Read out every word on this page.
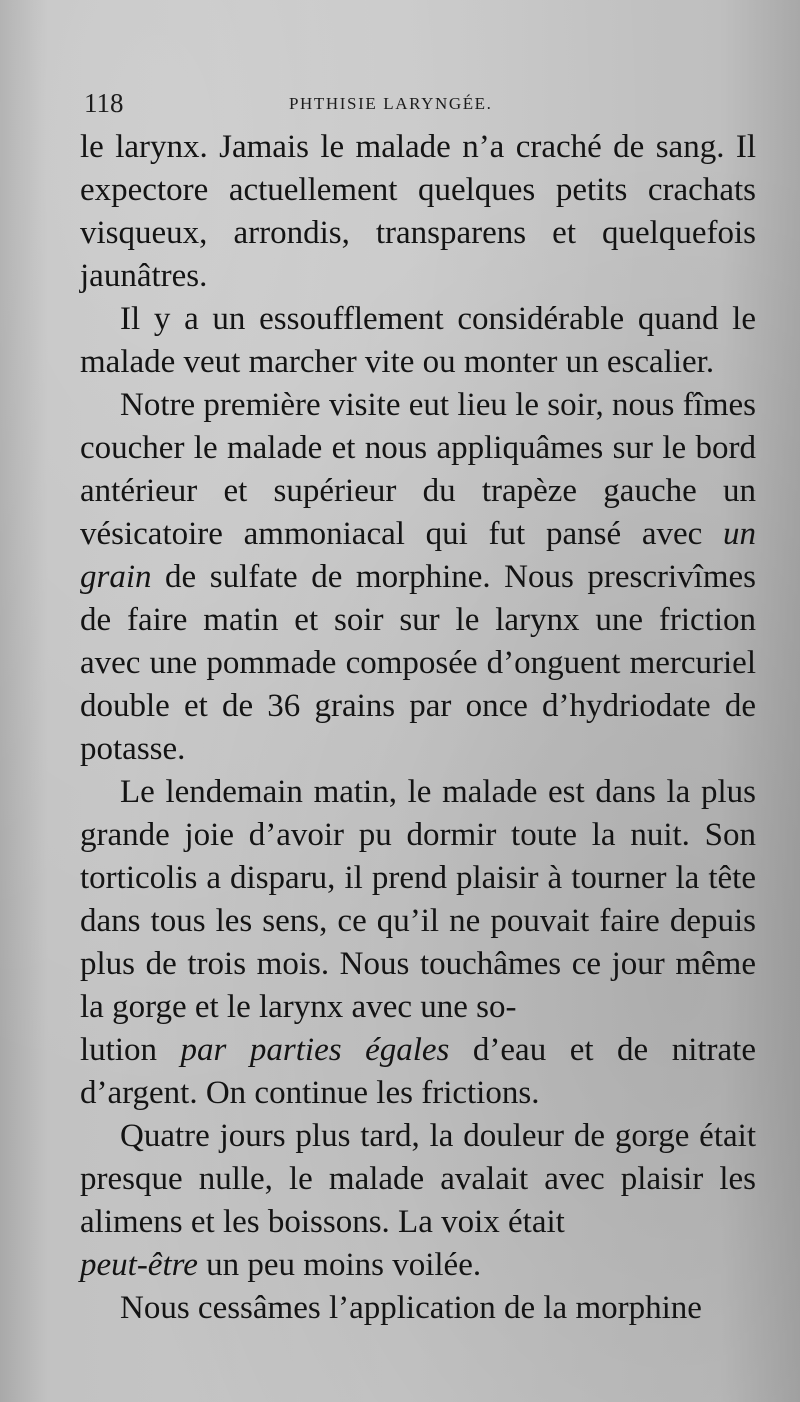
118	PHTHISIE LARYNGÉE.

le larynx. Jamais le malade n’a craché de sang. Il expectore actuellement quelques petits crachats visqueux, arrondis, transparens et quelquefois jaunâtres.

Il y a un essoufflement considérable quand le malade veut marcher vite ou monter un escalier.

Notre première visite eut lieu le soir, nous fîmes coucher le malade et nous appliquâmes sur le bord antérieur et supérieur du trapèze gauche un vésicatoire ammoniacal qui fut pansé avec un grain de sulfate de morphine. Nous prescrivîmes de faire matin et soir sur le larynx une friction avec une pommade composée d’onguent mercuriel double et de 36 grains par once d’hydriodate de potasse.

Le lendemain matin, le malade est dans la plus grande joie d’avoir pu dormir toute la nuit. Son torticolis a disparu, il prend plaisir à tourner la tête dans tous les sens, ce qu’il ne pouvait faire depuis plus de trois mois. Nous touchâmes ce jour même la gorge et le larynx avec une so-

lution par parties égales d’eau et de nitrate d’argent. On continue les frictions.

Quatre jours plus tard, la douleur de gorge était presque nulle, le malade avalait avec plaisir les alimens et les boissons. La voix était

peut-être un peu moins voilée.

Nous cessâmes l’application de la morphine
